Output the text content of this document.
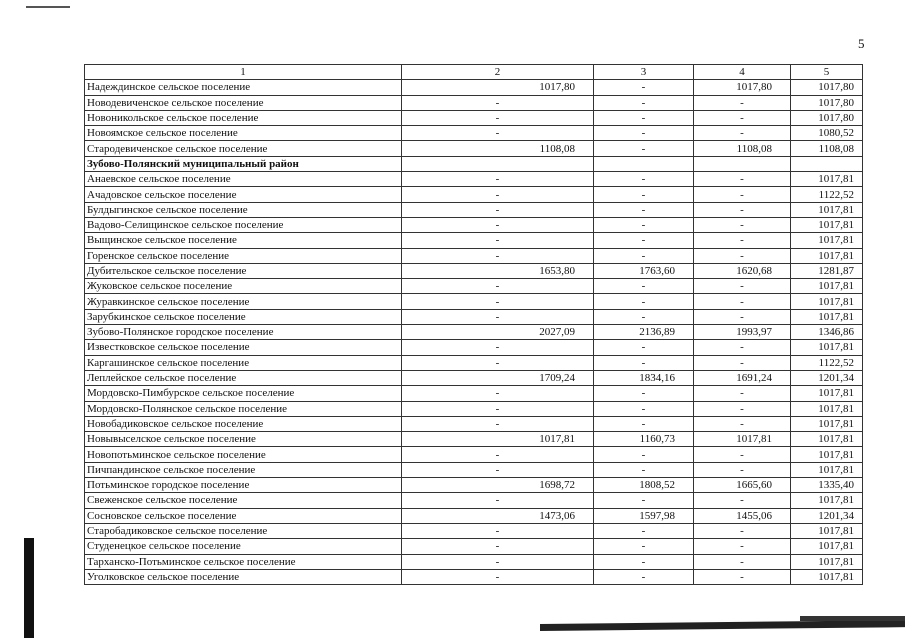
5
1	2	3	4	5
Надеждинское сельское поселение	1017,80	-	1017,80	1017,80
Новодевиченское сельское поселение	-	-	-	1017,80
Новоникольское сельское поселение	-	-	-	1017,80
Новоямское сельское поселение	-	-	-	1080,52
Стародевиченское сельское поселение	1108,08	-	1108,08	1108,08
Зубово-Полянский муниципальный район				
Анаевское сельское поселение	-	-	-	1017,81
Ачадовское сельское поселение	-	-	-	1122,52
Булдыгинское сельское поселение	-	-	-	1017,81
Вадово-Селищинское сельское поселение	-	-	-	1017,81
Выщинское сельское поселение	-	-	-	1017,81
Горенское сельское поселение	-	-	-	1017,81
Дубительское сельское поселение	1653,80	1763,60	1620,68	1281,87
Жуковское сельское поселение	-	-	-	1017,81
Журавкинское сельское поселение	-	-	-	1017,81
Зарубкинское сельское поселение	-	-	-	1017,81
Зубово-Полянское городское поселение	2027,09	2136,89	1993,97	1346,86
Известковское сельское поселение	-	-	-	1017,81
Каргашинское сельское поселение	-	-	-	1122,52
Леплейское сельское поселение	1709,24	1834,16	1691,24	1201,34
Мордовско-Пимбурское сельское поселение	-	-	-	1017,81
Мордовско-Полянское сельское поселение	-	-	-	1017,81
Новобадиковское сельское поселение	-	-	-	1017,81
Новывыселское сельское поселение	1017,81	1160,73	1017,81	1017,81
Новопотьминское сельское поселение	-	-	-	1017,81
Пичпандинское сельское поселение	-	-	-	1017,81
Потьминское городское поселение	1698,72	1808,52	1665,60	1335,40
Свеженское сельское поселение	-	-	-	1017,81
Сосновское сельское поселение	1473,06	1597,98	1455,06	1201,34
Старобадиковское сельское поселение	-	-	-	1017,81
Студенецкое сельское поселение	-	-	-	1017,81
Тарханско-Потьминское сельское поселение	-	-	-	1017,81
Уголковское сельское поселение	-	-	-	1017,81
